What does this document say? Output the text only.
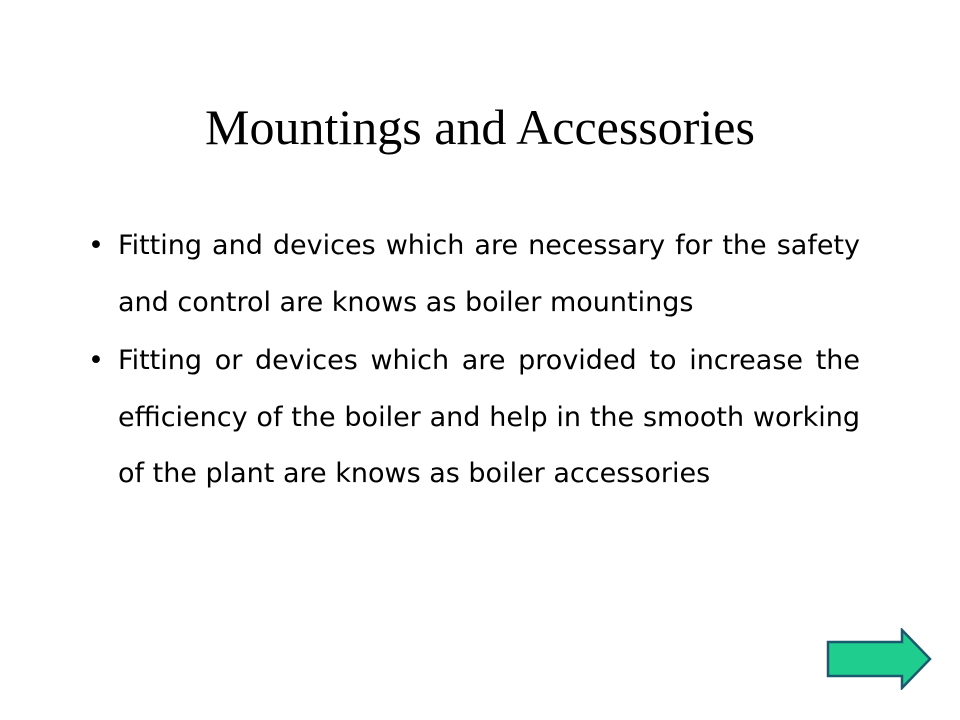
Mountings and Accessories
• Fitting and devices which are necessary for the safety and control are knows as boiler mountings
• Fitting or devices which are provided to increase the efficiency of the boiler and help in the smooth working of the plant are knows as boiler accessories
